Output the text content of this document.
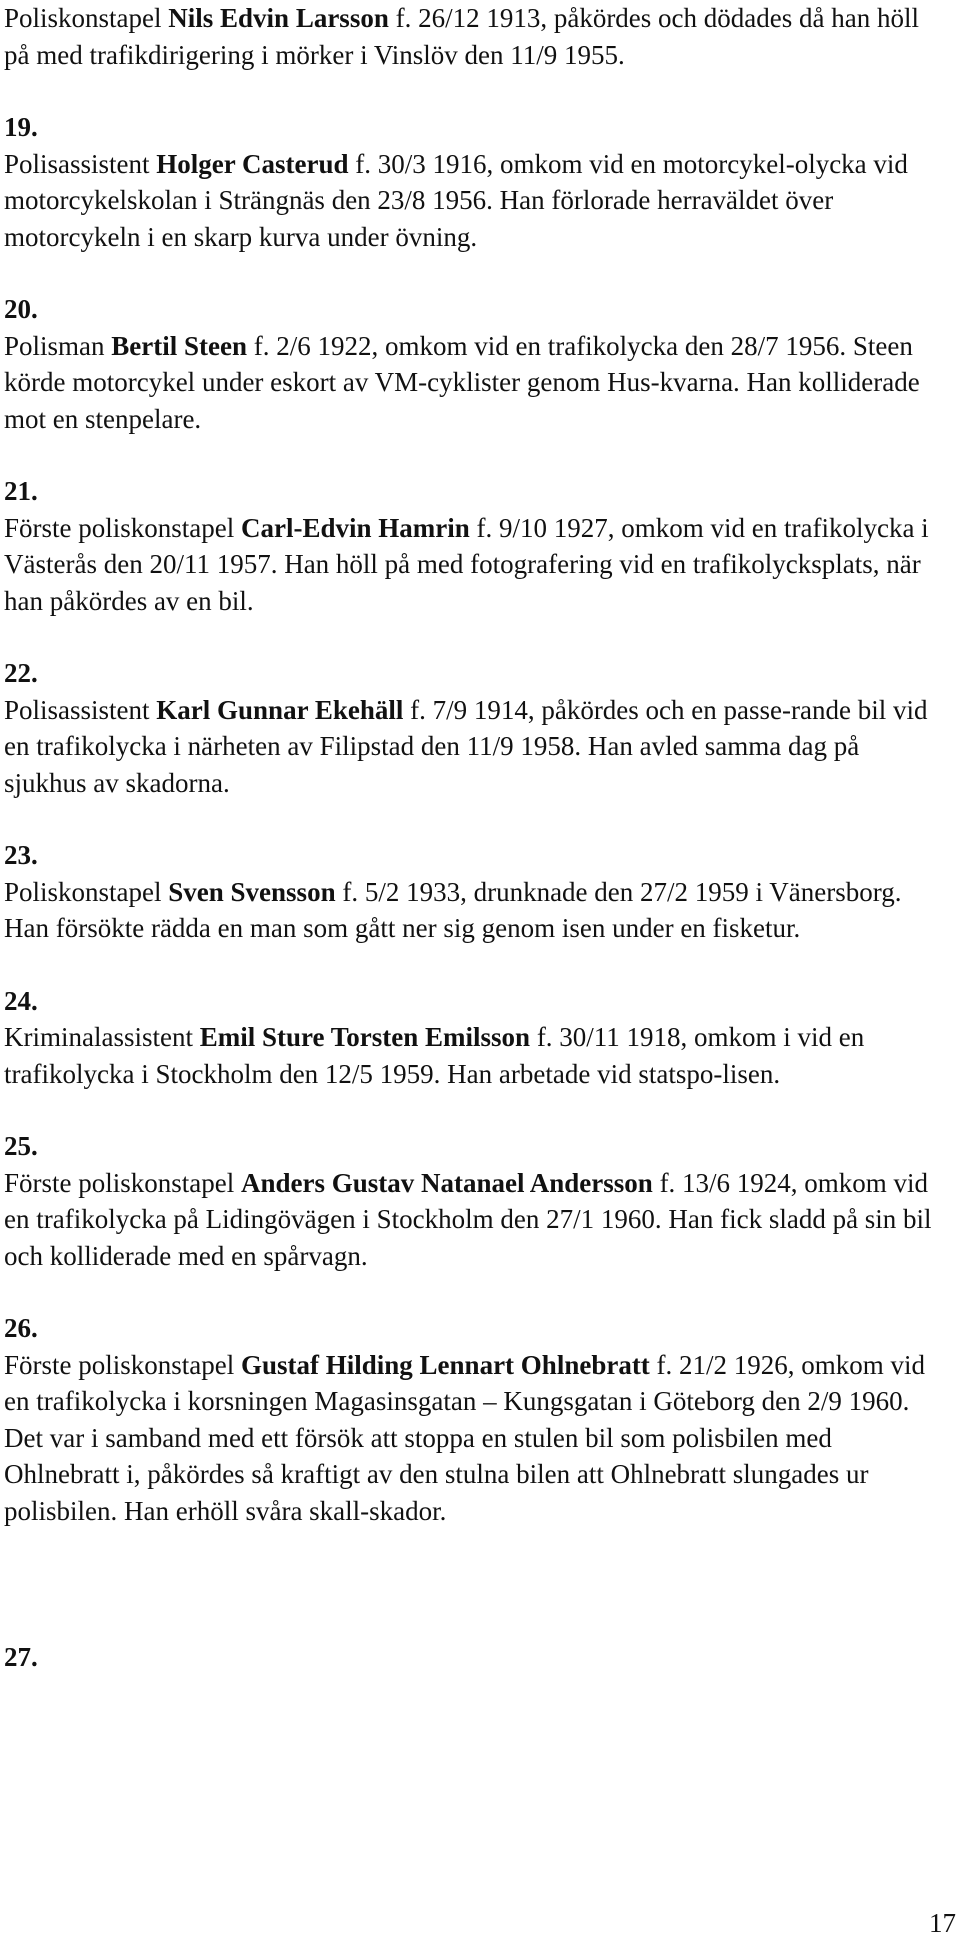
Poliskonstapel Nils Edvin Larsson f. 26/12 1913, påkördes och dödades då han höll på med trafikdirigering i mörker i Vinslöv den 11/9 1955.

19.
Polisassistent Holger Casterud f. 30/3 1916, omkom vid en motorcykel-olycka vid motorcykelskolan i Strängnäs den 23/8 1956. Han förlorade herraväldet över motorcykeln i en skarp kurva under övning.

20.
Polisman Bertil Steen f. 2/6 1922, omkom vid en trafikolycka den 28/7 1956. Steen körde motorcykel under eskort av VM-cyklister genom Hus-kvarna. Han kolliderade mot en stenpelare.

21.
Förste poliskonstapel Carl-Edvin Hamrin f. 9/10 1927, omkom vid en trafikolycka i Västerås den 20/11 1957. Han höll på med fotografering vid en trafikolycksplats, när han påkördes av en bil.

22.
Polisassistent Karl Gunnar Ekehäll f. 7/9 1914, påkördes och en passe-rande bil vid en trafikolycka i närheten av Filipstad den 11/9 1958. Han avled samma dag på sjukhus av skadorna.

23.
Poliskonstapel Sven Svensson f. 5/2 1933, drunknade den 27/2 1959 i Vänersborg. Han försökte rädda en man som gått ner sig genom isen under en fisketur.

24.
Kriminalassistent Emil Sture Torsten Emilsson f. 30/11 1918, omkom i vid en trafikolycka i Stockholm den 12/5 1959. Han arbetade vid statspo-lisen.

25.
Förste poliskonstapel Anders Gustav Natanael Andersson f. 13/6 1924, omkom vid en trafikolycka på Lidingövägen i Stockholm den 27/1 1960. Han fick sladd på sin bil och kolliderade med en spårvagn.

26.
Förste poliskonstapel Gustaf Hilding Lennart Ohlnebratt f. 21/2 1926, omkom vid en trafikolycka i korsningen Magasinsgatan – Kungsgatan i Göteborg den 2/9 1960. Det var i samband med ett försök att stoppa en stulen bil som polisbilen med Ohlnebratt i, påkördes så kraftigt av den stulna bilen att Ohlnebratt slungades ur polisbilen. Han erhöll svåra skall-skador.

27.

17
